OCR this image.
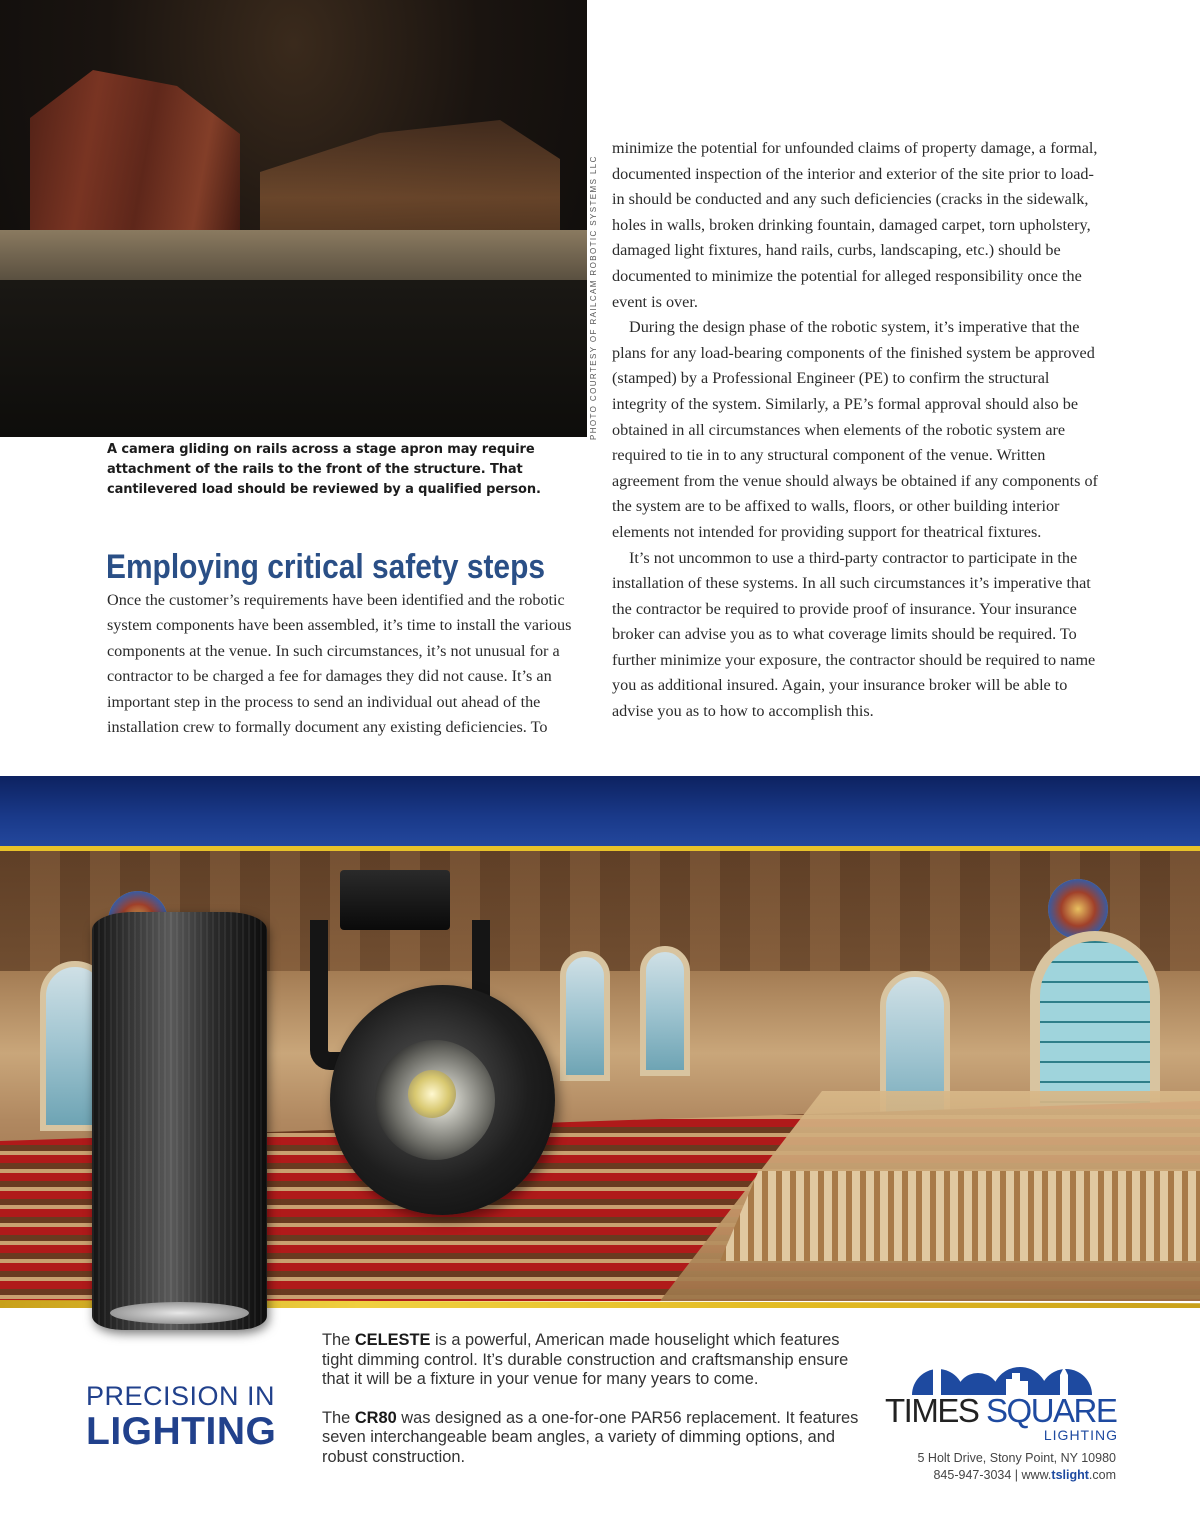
PHOTO COURTESY OF RAILCAM ROBOTIC SYSTEMS LLC
A camera gliding on rails across a stage apron may require attachment of the rails to the front of the structure. That cantilevered load should be reviewed by a qualified person.
Employing critical safety steps
Once the customer’s requirements have been identified and the robotic system components have been assembled, it’s time to install the various components at the venue. In such circumstances, it’s not unusual for a contractor to be charged a fee for damages they did not cause. It’s an important step in the process to send an individual out ahead of the installation crew to formally document any existing deficiencies. To

minimize the potential for unfounded claims of property damage, a formal, documented inspection of the interior and exterior of the site prior to load-in should be conducted and any such deficiencies (cracks in the sidewalk, holes in walls, broken drinking fountain, damaged carpet, torn upholstery, damaged light fixtures, hand rails, curbs, landscaping, etc.) should be documented to minimize the potential for alleged responsibility once the event is over.

During the design phase of the robotic system, it’s imperative that the plans for any load-bearing components of the finished system be approved (stamped) by a Professional Engineer (PE) to confirm the structural integrity of the system. Similarly, a PE’s formal approval should also be obtained in all circumstances when elements of the robotic system are required to tie in to any structural component of the venue. Written agreement from the venue should always be obtained if any components of the system are to be affixed to walls, floors, or other building interior elements not intended for providing support for theatrical fixtures.

It’s not uncommon to use a third-party contractor to participate in the installation of these systems. In all such circumstances it’s imperative that the contractor be required to provide proof of insurance. Your insurance broker can advise you as to what coverage limits should be required. To further minimize your exposure, the contractor should be required to name you as additional insured. Again, your insurance broker will be able to advise you as to how to accomplish this.

PRECISION IN
LIGHTING

The CELESTE is a powerful, American made houselight which features tight dimming control. It’s durable construction and craftsmanship ensure that it will be a fixture in your venue for many years to come.

The CR80 was designed as a one-for-one PAR56 replacement. It features seven interchangeable beam angles, a variety of dimming options, and robust construction.

TIMES SQUARE
LIGHTING
5 Holt Drive, Stony Point, NY 10980
845-947-3034 | www.tslight.com
